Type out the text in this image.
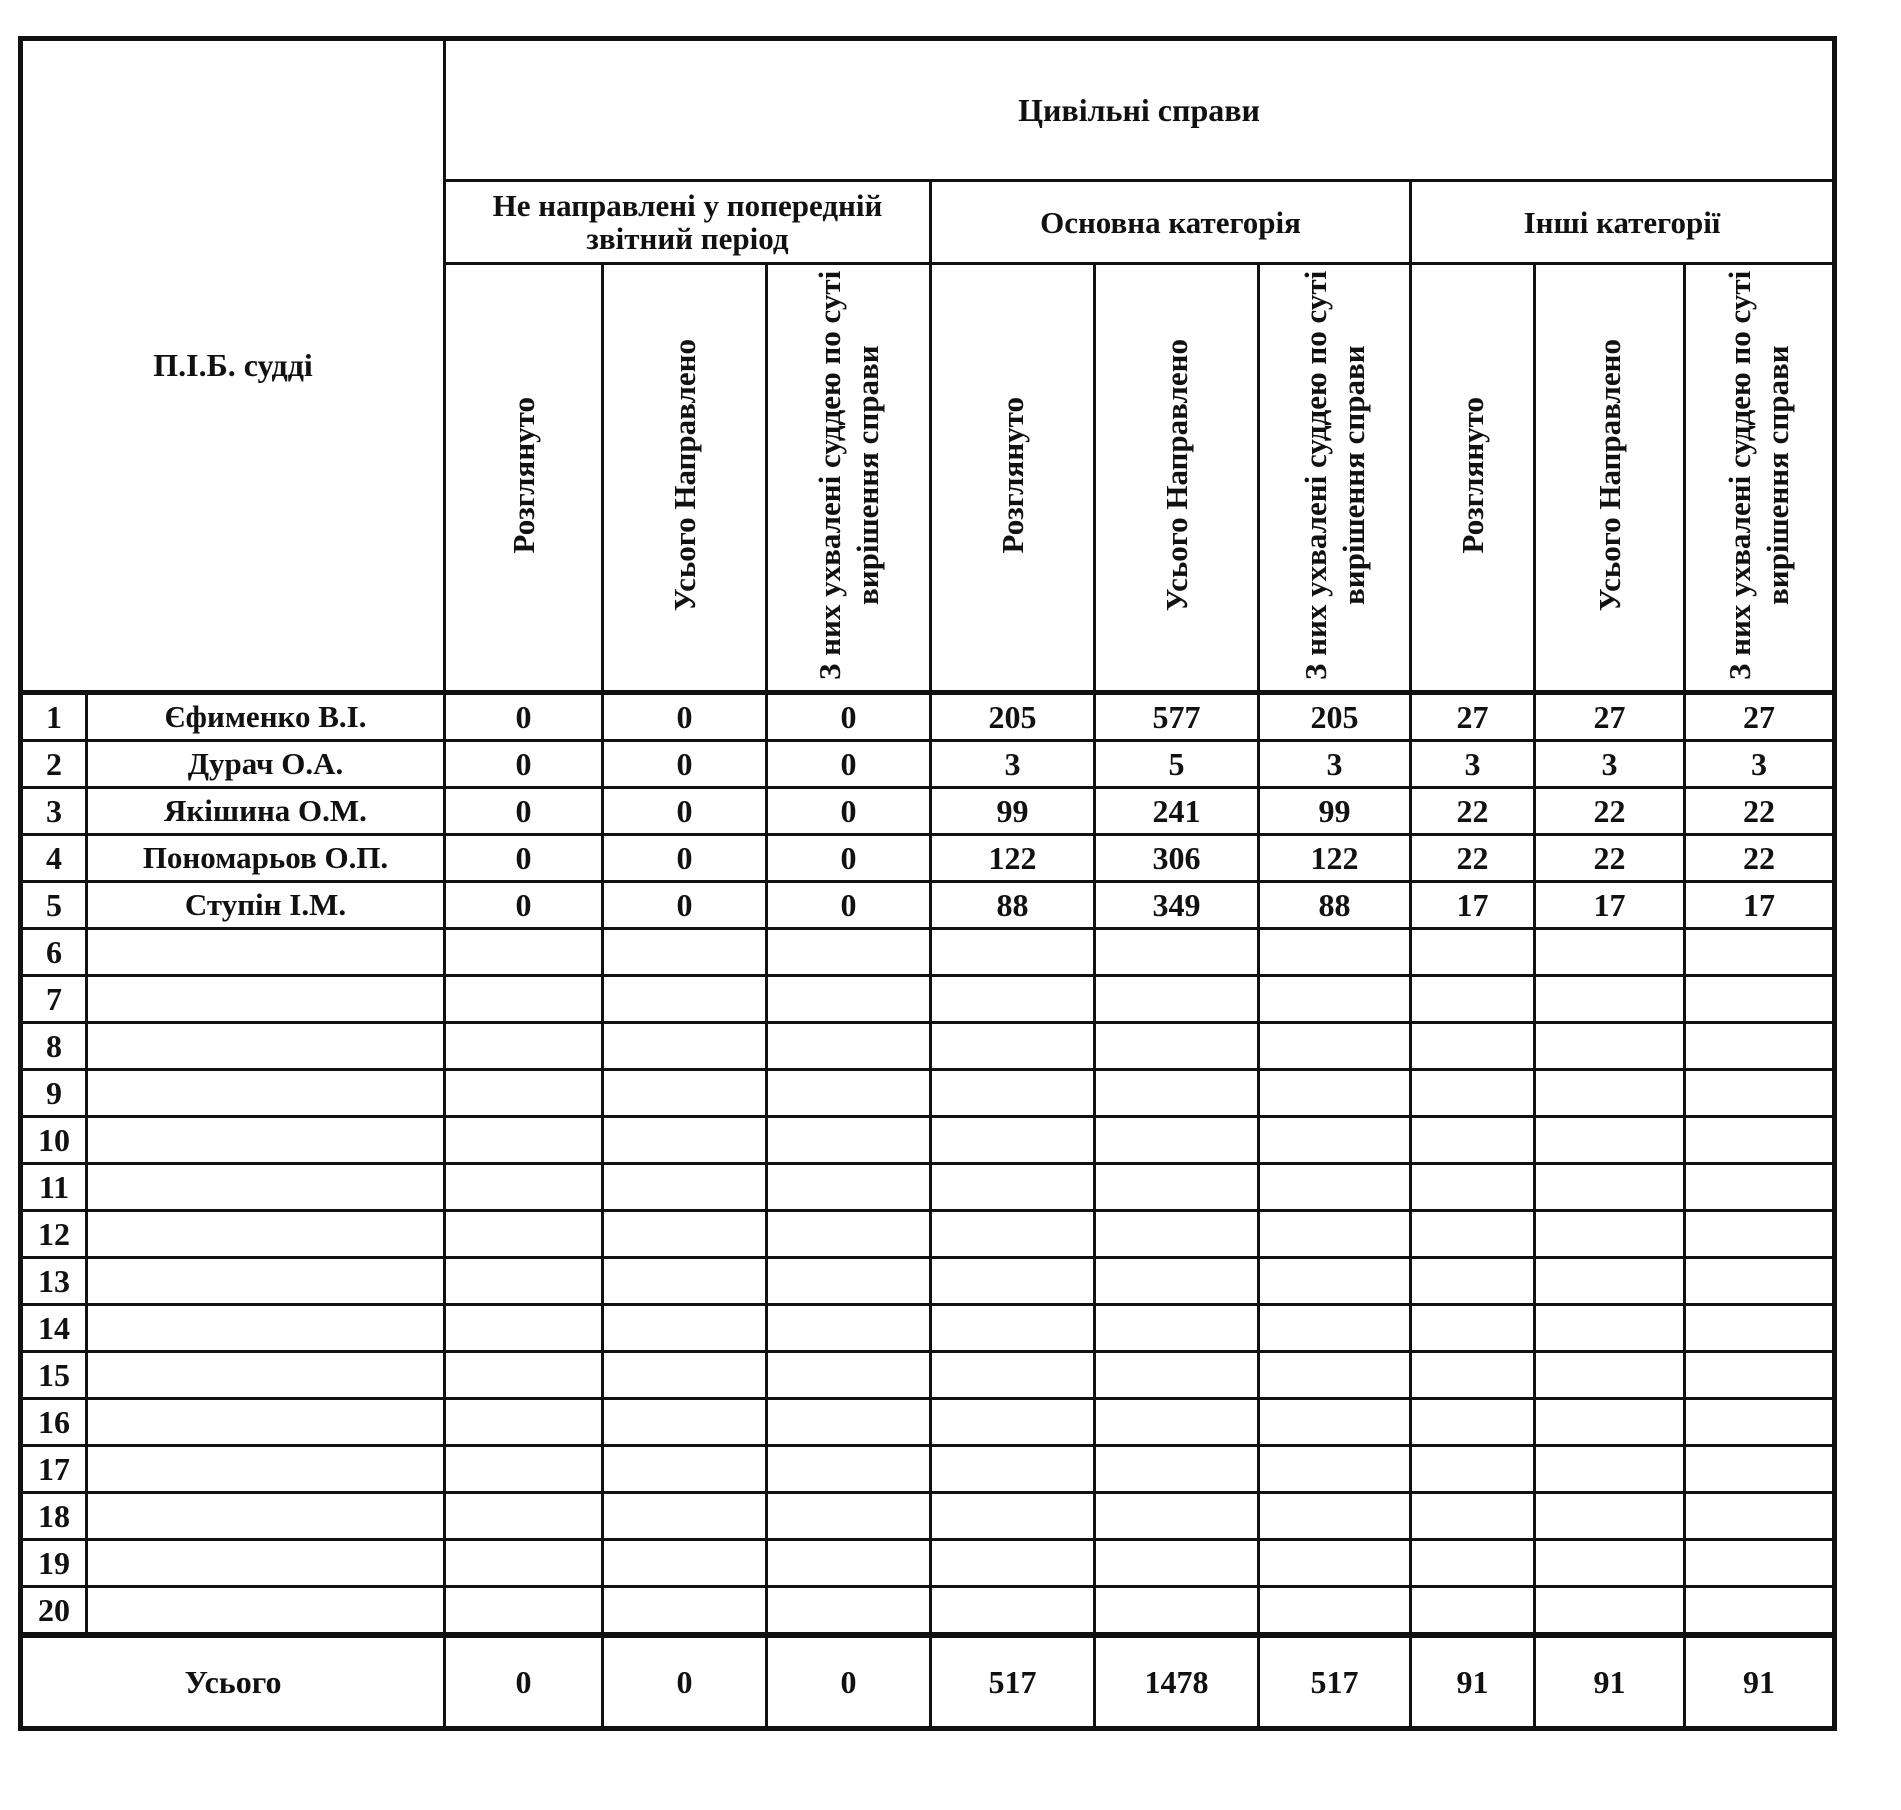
П.І.Б. судді		Цивільні справи								
		Не направлені у попередній звітний період			Основна категорія			Інші категорії		
		Розглянуто	Усього Направлено	З них ухвалені суддею по суті вирішення справи	Розглянуто	Усього Направлено	З них ухвалені суддею по суті вирішення справи	Розглянуто	Усього Направлено	З них ухвалені суддею по суті вирішення справи
1	Єфименко В.І.	0	0	0	205	577	205	27	27	27
2	Дурач О.А.	0	0	0	3	5	3	3	3	3
3	Якішина О.М.	0	0	0	99	241	99	22	22	22
4	Пономарьов О.П.	0	0	0	122	306	122	22	22	22
5	Ступін І.М.	0	0	0	88	349	88	17	17	17
6										
7										
8										
9										
10										
11										
12										
13										
14										
15										
16										
17										
18										
19										
20										
Усього		0	0	0	517	1478	517	91	91	91
